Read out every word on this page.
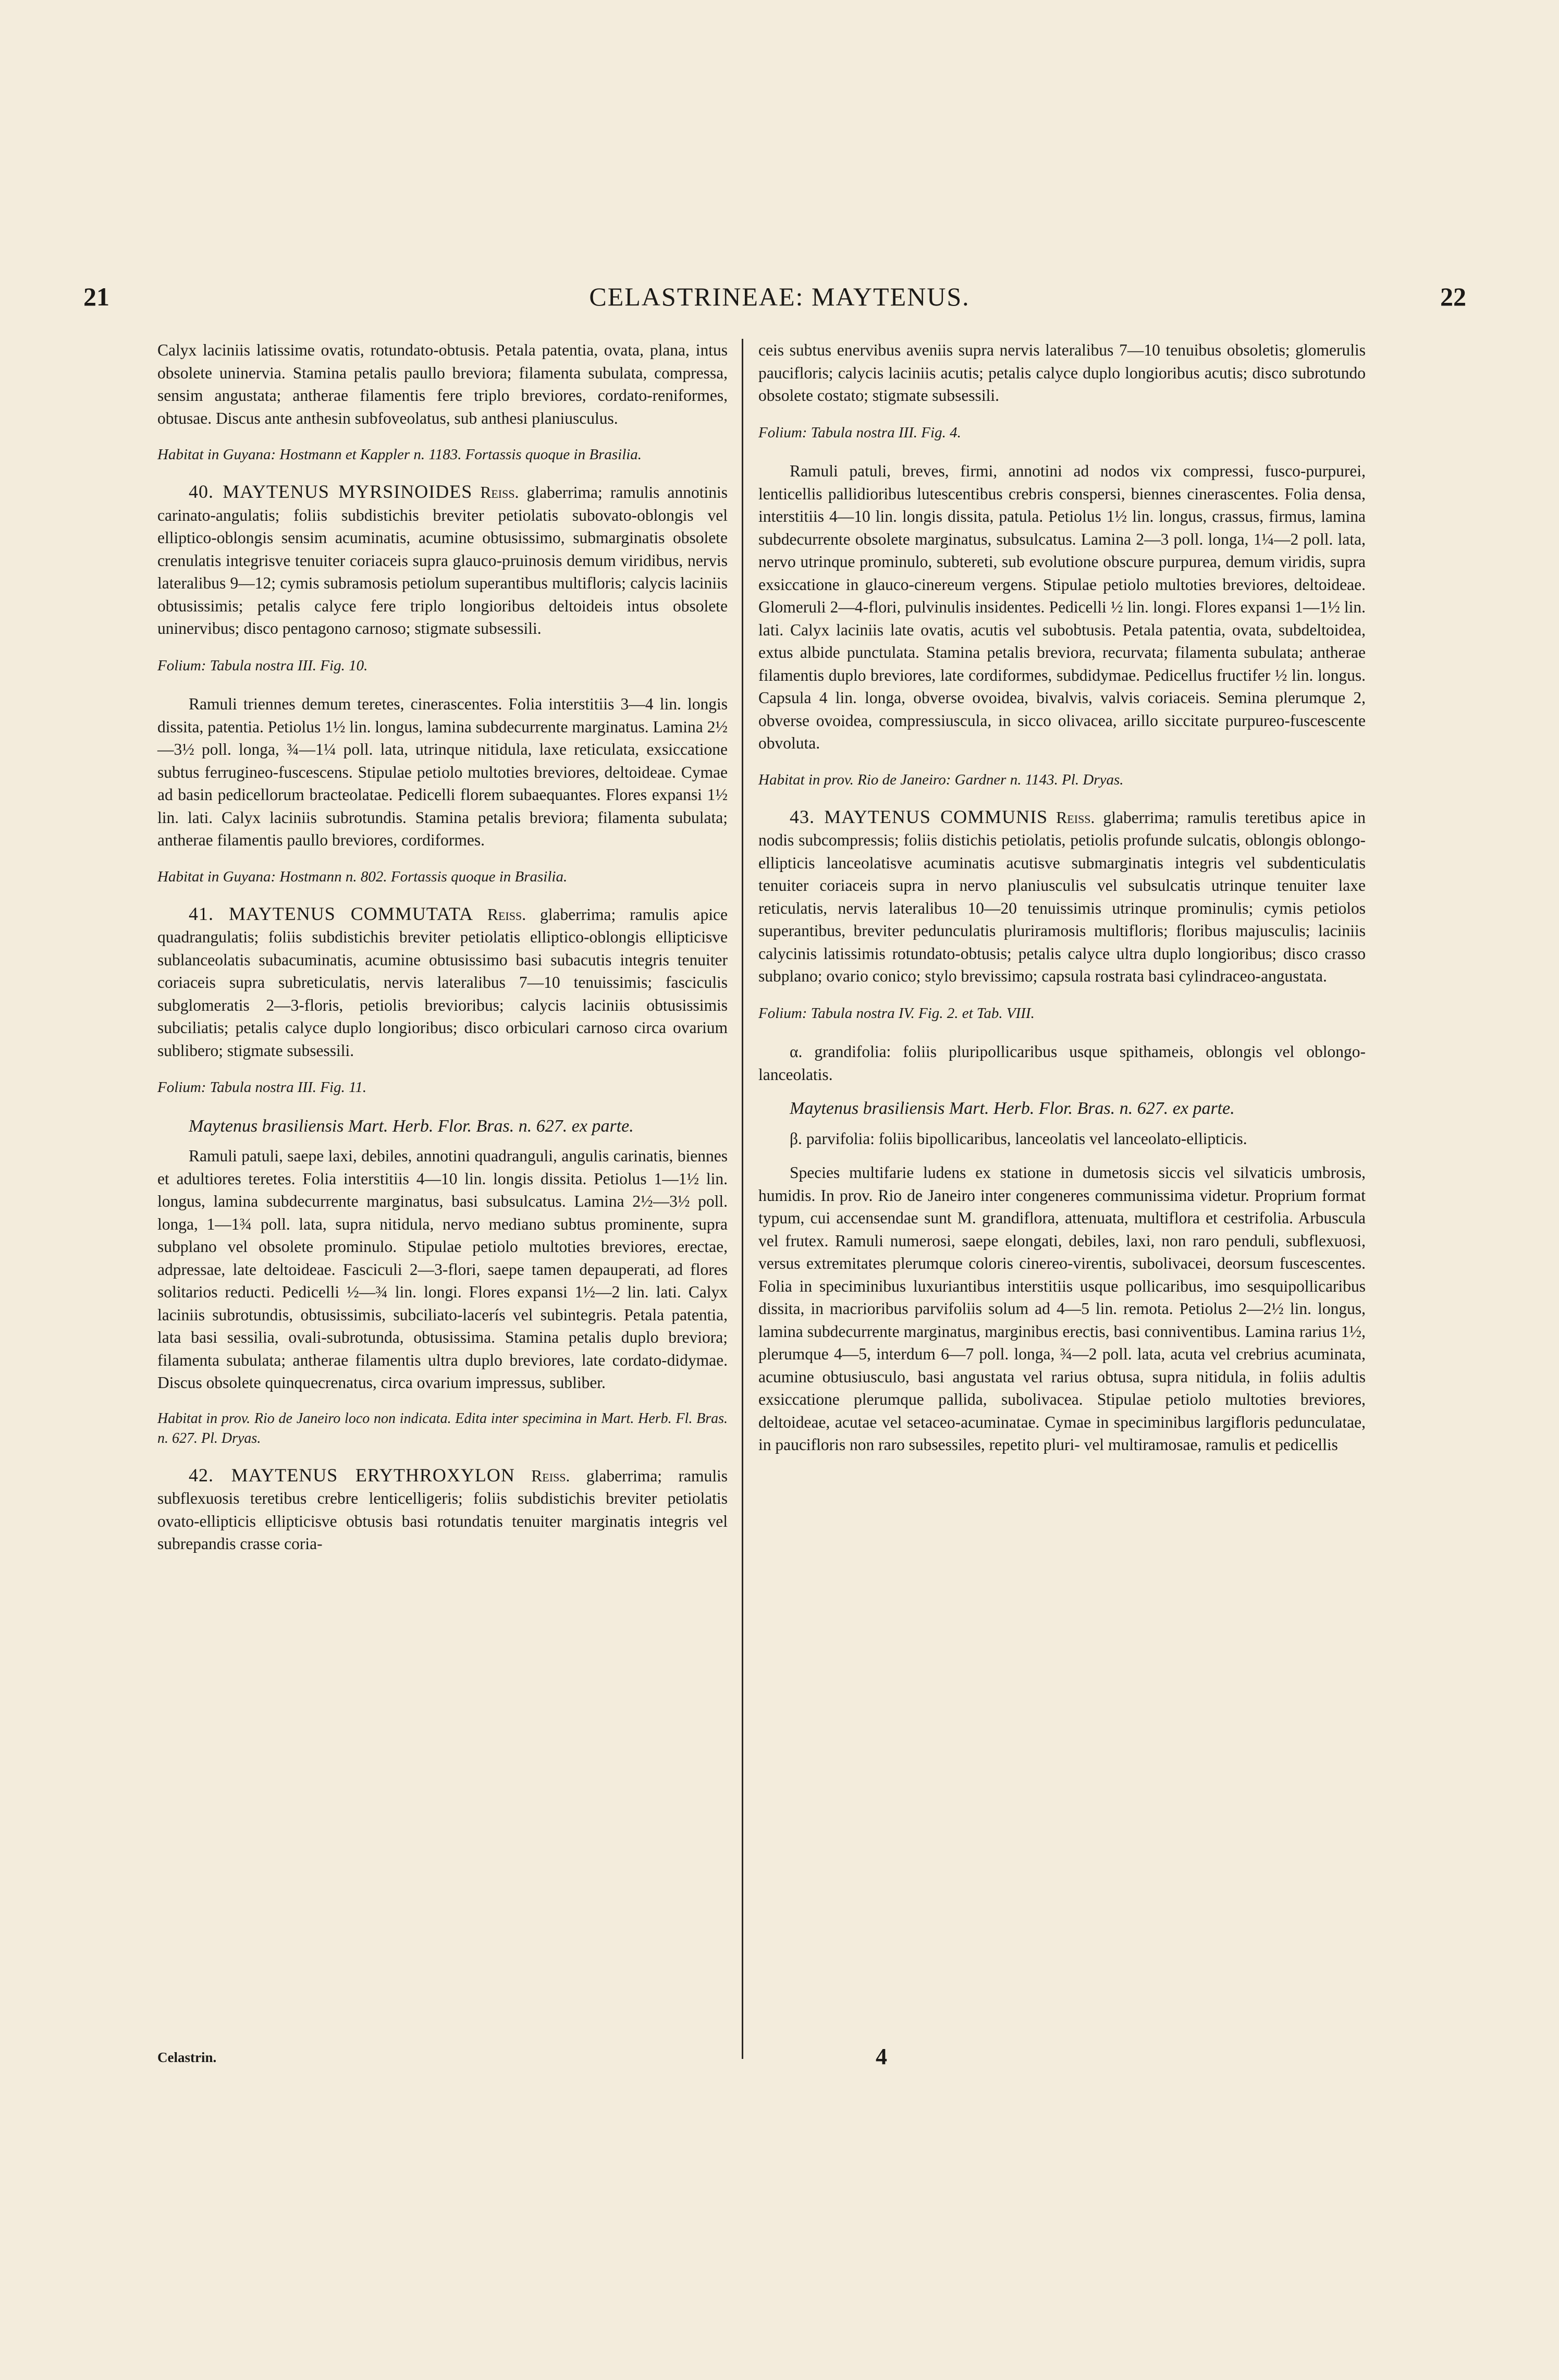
21	CELASTRINEAE: MAYTENUS.	22

Calyx laciniis latissime ovatis, rotundato-obtusis. Petala patentia, ovata, plana, intus obsolete uninervia. Stamina petalis paullo breviora; filamenta subulata, compressa, sensim angustata; antherae filamentis fere triplo breviores, cordato-reniformes, obtusae. Discus ante anthesin subfoveolatus, sub anthesi planiusculus.

Habitat in Guyana: Hostmann et Kappler n. 1183. Fortassis quoque in Brasilia.

40. MAYTENUS MYRSINOIDES Reiss. glaberrima; ramulis annotinis carinato-angulatis; foliis subdistichis breviter petiolatis subovato-oblongis vel elliptico-oblongis sensim acuminatis, acumine obtusissimo, submarginatis obsolete crenulatis integrisve tenuiter coriaceis supra glauco-pruinosis demum viridibus, nervis lateralibus 9—12; cymis subramosis petiolum superantibus multifloris; calycis laciniis obtusissimis; petalis calyce fere triplo longioribus deltoideis intus obsolete uninervibus; disco pentagono carnoso; stigmate subsessili.

Folium: Tabula nostra III. Fig. 10.

Ramuli triennes demum teretes, cinerascentes. Folia interstitiis 3—4 lin. longis dissita, patentia. Petiolus 1½ lin. longus, lamina subdecurrente marginatus. Lamina 2½—3½ poll. longa, ¾—1¼ poll. lata, utrinque nitidula, laxe reticulata, exsiccatione subtus ferrugineo-fuscescens. Stipulae petiolo multoties breviores, deltoideae. Cymae ad basin pedicellorum bracteolatae. Pedicelli florem subaequantes. Flores expansi 1½ lin. lati. Calyx laciniis subrotundis. Stamina petalis breviora; filamenta subulata; antherae filamentis paullo breviores, cordiformes.

Habitat in Guyana: Hostmann n. 802. Fortassis quoque in Brasilia.

41. MAYTENUS COMMUTATA Reiss. glaberrima; ramulis apice quadrangulatis; foliis subdistichis breviter petiolatis elliptico-oblongis ellipticisve sublanceolatis subacuminatis, acumine obtusissimo basi subacutis integris tenuiter coriaceis supra subreticulatis, nervis lateralibus 7—10 tenuissimis; fasciculis subglomeratis 2—3-floris, petiolis brevioribus; calycis laciniis obtusissimis subciliatis; petalis calyce duplo longioribus; disco orbiculari carnoso circa ovarium sublibero; stigmate subsessili.

Folium: Tabula nostra III. Fig. 11.

Maytenus brasiliensis Mart. Herb. Flor. Bras. n. 627. ex parte.

Ramuli patuli, saepe laxi, debiles, annotini quadranguli, angulis carinatis, biennes et adultiores teretes. Folia interstitiis 4—10 lin. longis dissita. Petiolus 1—1½ lin. longus, lamina subdecurrente marginatus, basi subsulcatus. Lamina 2½—3½ poll. longa, 1—1¾ poll. lata, supra nitidula, nervo mediano subtus prominente, supra subplano vel obsolete prominulo. Stipulae petiolo multoties breviores, erectae, adpressae, late deltoideae. Fasciculi 2—3-flori, saepe tamen depauperati, ad flores solitarios reducti. Pedicelli ½—¾ lin. longi. Flores expansi 1½—2 lin. lati. Calyx laciniis subrotundis, obtusissimis, subciliato-lacerís vel subintegris. Petala patentia, lata basi sessilia, ovali-subrotunda, obtusissima. Stamina petalis duplo breviora; filamenta subulata; antherae filamentis ultra duplo breviores, late cordato-didymae. Discus obsolete quinquecrenatus, circa ovarium impressus, subliber.

Habitat in prov. Rio de Janeiro loco non indicata. Edita inter specimina in Mart. Herb. Fl. Bras. n. 627. Pl. Dryas.

42. MAYTENUS ERYTHROXYLON Reiss. glaberrima; ramulis subflexuosis teretibus crebre lenticelligeris; foliis subdistichis breviter petiolatis ovato-ellipticis ellipticisve obtusis basi rotundatis tenuiter marginatis integris vel subrepandis crasse coria-

ceis subtus enervibus aveniis supra nervis lateralibus 7—10 tenuibus obsoletis; glomerulis paucifloris; calycis laciniis acutis; petalis calyce duplo longioribus acutis; disco subrotundo obsolete costato; stigmate subsessili.

Folium: Tabula nostra III. Fig. 4.

Ramuli patuli, breves, firmi, annotini ad nodos vix compressi, fusco-purpurei, lenticellis pallidioribus lutescentibus crebris conspersi, biennes cinerascentes. Folia densa, interstitiis 4—10 lin. longis dissita, patula. Petiolus 1½ lin. longus, crassus, firmus, lamina subdecurrente obsolete marginatus, subsulcatus. Lamina 2—3 poll. longa, 1¼—2 poll. lata, nervo utrinque prominulo, subtereti, sub evolutione obscure purpurea, demum viridis, supra exsiccatione in glauco-cinereum vergens. Stipulae petiolo multoties breviores, deltoideae. Glomeruli 2—4-flori, pulvinulis insidentes. Pedicelli ½ lin. longi. Flores expansi 1—1½ lin. lati. Calyx laciniis late ovatis, acutis vel subobtusis. Petala patentia, ovata, subdeltoidea, extus albide punctulata. Stamina petalis breviora, recurvata; filamenta subulata; antherae filamentis duplo breviores, late cordiformes, subdidymae. Pedicellus fructifer ½ lin. longus. Capsula 4 lin. longa, obverse ovoidea, bivalvis, valvis coriaceis. Semina plerumque 2, obverse ovoidea, compressiuscula, in sicco olivacea, arillo siccitate purpureo-fuscescente obvoluta.

Habitat in prov. Rio de Janeiro: Gardner n. 1143. Pl. Dryas.

43. MAYTENUS COMMUNIS Reiss. glaberrima; ramulis teretibus apice in nodis subcompressis; foliis distichis petiolatis, petiolis profunde sulcatis, oblongis oblongo-ellipticis lanceolatisve acuminatis acutisve submarginatis integris vel subdenticulatis tenuiter coriaceis supra in nervo planiusculis vel subsulcatis utrinque tenuiter laxe reticulatis, nervis lateralibus 10—20 tenuissimis utrinque prominulis; cymis petiolos superantibus, breviter pedunculatis pluriramosis multifloris; floribus majusculis; laciniis calycinis latissimis rotundato-obtusis; petalis calyce ultra duplo longioribus; disco crasso subplano; ovario conico; stylo brevissimo; capsula rostrata basi cylindraceo-angustata.

Folium: Tabula nostra IV. Fig. 2. et Tab. VIII.

α. grandifolia: foliis pluripollicaribus usque spithameis, oblongis vel oblongo-lanceolatis.

Maytenus brasiliensis Mart. Herb. Flor. Bras. n. 627. ex parte.

β. parvifolia: foliis bipollicaribus, lanceolatis vel lanceolato-ellipticis.

Species multifarie ludens ex statione in dumetosis siccis vel silvaticis umbrosis, humidis. In prov. Rio de Janeiro inter congeneres communissima videtur. Proprium format typum, cui accensendae sunt M. grandiflora, attenuata, multiflora et cestrifolia. Arbuscula vel frutex. Ramuli numerosi, saepe elongati, debiles, laxi, non raro penduli, subflexuosi, versus extremitates plerumque coloris cinereo-virentis, subolivacei, deorsum fuscescentes. Folia in speciminibus luxuriantibus interstitiis usque pollicaribus, imo sesquipollicaribus dissita, in macrioribus parvifoliis solum ad 4—5 lin. remota. Petiolus 2—2½ lin. longus, lamina subdecurrente marginatus, marginibus erectis, basi conniventibus. Lamina rarius 1½, plerumque 4—5, interdum 6—7 poll. longa, ¾—2 poll. lata, acuta vel crebrius acuminata, acumine obtusiusculo, basi angustata vel rarius obtusa, supra nitidula, in foliis adultis exsiccatione plerumque pallida, subolivacea. Stipulae petiolo multoties breviores, deltoideae, acutae vel setaceo-acuminatae. Cymae in speciminibus largifloris pedunculatae, in paucifloris non raro subsessiles, repetito pluri- vel multiramosae, ramulis et pedicellis

Celastrin.	4
